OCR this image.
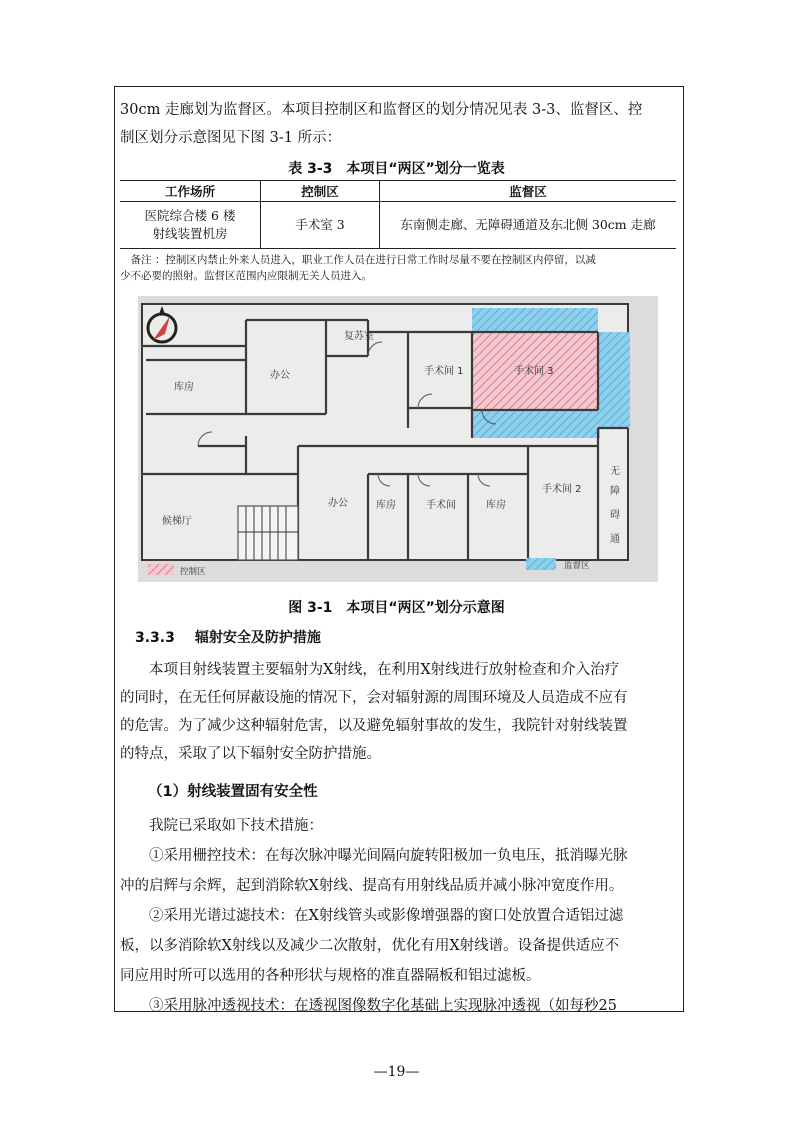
30cm 走廊划为监督区。本项目控制区和监督区的划分情况见表 3-3、监督区、控

制区划分示意图见下图 3-1 所示：

表 3-3　本项目“两区”划分一览表
工作场所	控制区	监督区

医院综合楼 6 楼
射线装置机房	手术室 3	东南侧走廊、无障碍通道及东北侧 30cm 走廊

备注 ：控制区内禁止外来人员进入，职业工作人员在进行日常工作时尽量不要在控制区内停留，以减
少不必要的照射。监督区范围内应限制无关人员进入。

复苏室
办公
库房
手术间 1	手术间 3
候梯厅
办公	库房	手术间	库房
手术间 2
无
障
碍
通
控制区
监督区
图 3-1　本项目“两区”划分示意图
3.3.3 辐射安全及防护措施

本项目射线装置主要辐射为X射线，在利用X射线进行放射检查和介入治疗

的同时，在无任何屏蔽设施的情况下，会对辐射源的周围环境及人员造成不应有

的危害。为了减少这种辐射危害，以及避免辐射事故的发生，我院针对射线装置

的特点，采取了以下辐射安全防护措施。

（1）射线装置固有安全性

我院已采取如下技术措施：

①采用栅控技术：在每次脉冲曝光间隔向旋转阳极加一负电压，抵消曝光脉

冲的启辉与余辉，起到消除软X射线、提高有用射线品质并减小脉冲宽度作用。

②采用光谱过滤技术：在X射线管头或影像增强器的窗口处放置合适铝过滤

板，以多消除软X射线以及减少二次散射，优化有用X射线谱。设备提供适应不

同应用时所可以选用的各种形状与规格的准直器隔板和铝过滤板。

③采用脉冲透视技术：在透视图像数字化基础上实现脉冲透视（如每秒25

—19—
